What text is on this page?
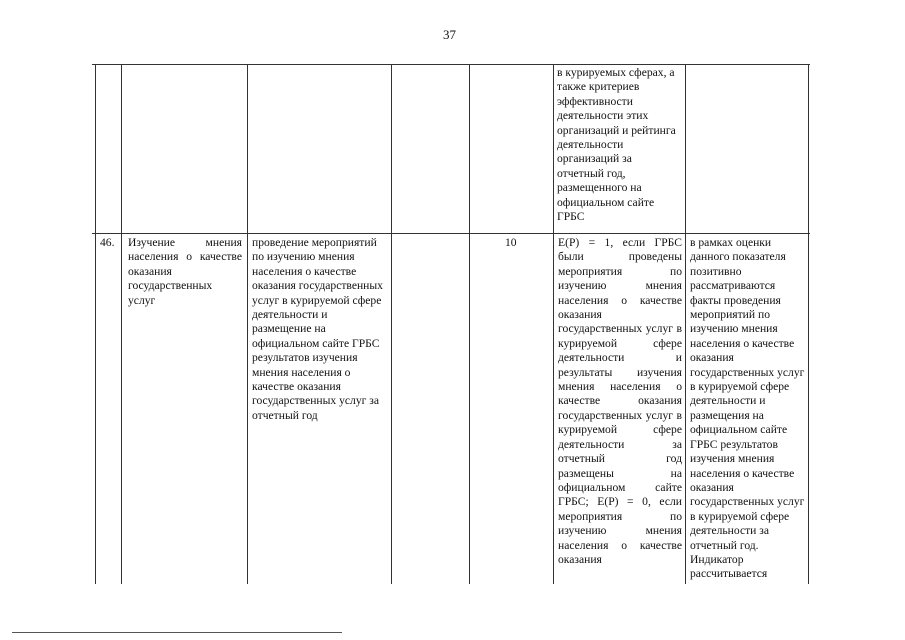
37
в курируемых сферах, а также критериев эффективности деятельности этих организаций и рейтинга деятельности организаций за отчетный год, размещенного на официальном сайте ГРБС
46.	Изучение мнения населения о качестве оказания государственных услуг
проведение мероприятий по изучению мнения населения о качестве оказания государственных услуг в курируемой сфере деятельности и размещение на официальном сайте ГРБС результатов изучения мнения населения о качестве оказания государственных услуг за отчетный год
10	E(P) = 1, если ГРБС были проведены мероприятия по изучению мнения населения о качестве оказания государственных услуг в курируемой сфере деятельности и результаты изучения мнения населения о качестве оказания государственных услуг в курируемой сфере деятельности за отчетный год размещены на официальном сайте ГРБС; E(P) = 0, если мероприятия по изучению мнения населения о качестве оказания
в рамках оценки данного показателя позитивно рассматриваются факты проведения мероприятий по изучению мнения населения о качестве оказания государственных услуг в курируемой сфере деятельности и размещения на официальном сайте ГРБС результатов изучения мнения населения о качестве оказания государственных услуг в курируемой сфере деятельности за отчетный год. Индикатор рассчитывается
